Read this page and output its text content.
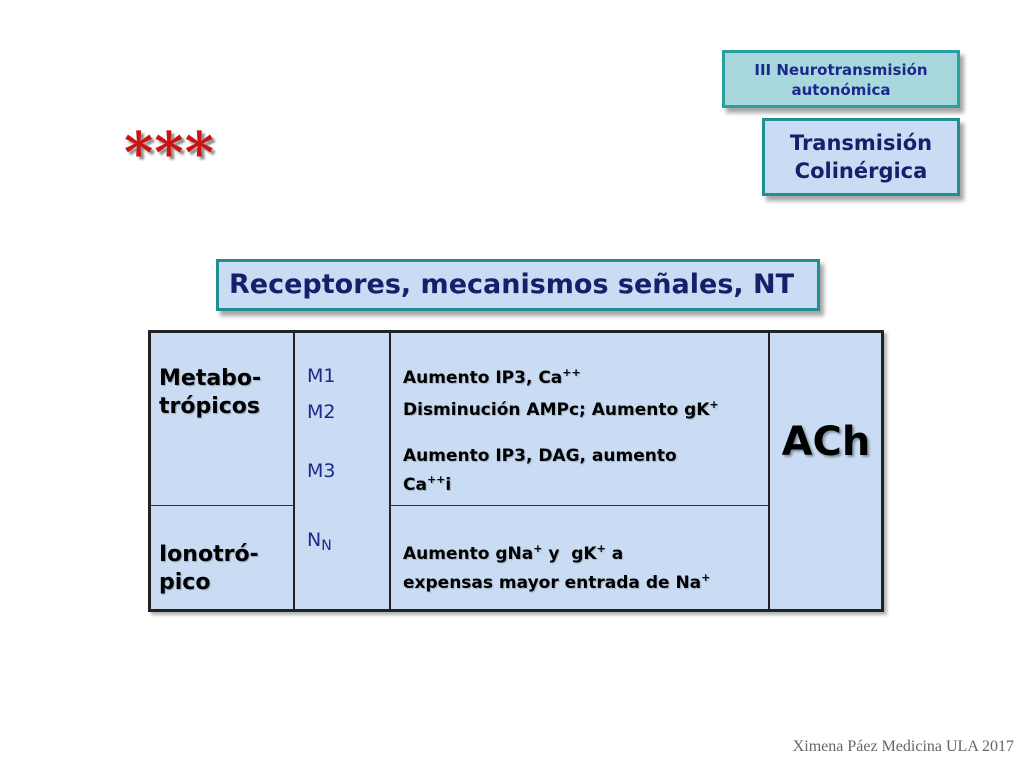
III Neurotransmisión
autonómica
Transmisión
Colinérgica
***
Receptores, mecanismos señales, NT
Metabo-
trópicos
M1
M2
M3
Aumento IP3, Ca++
Disminución AMPc; Aumento gK+
Aumento IP3, DAG, aumento
Ca++i
Ionotró-
pico
$N_N$	Aumento gNa+ y  gK+ a
expensas mayor entrada de Na+
ACh
Ximena Páez Medicina ULA 2017
